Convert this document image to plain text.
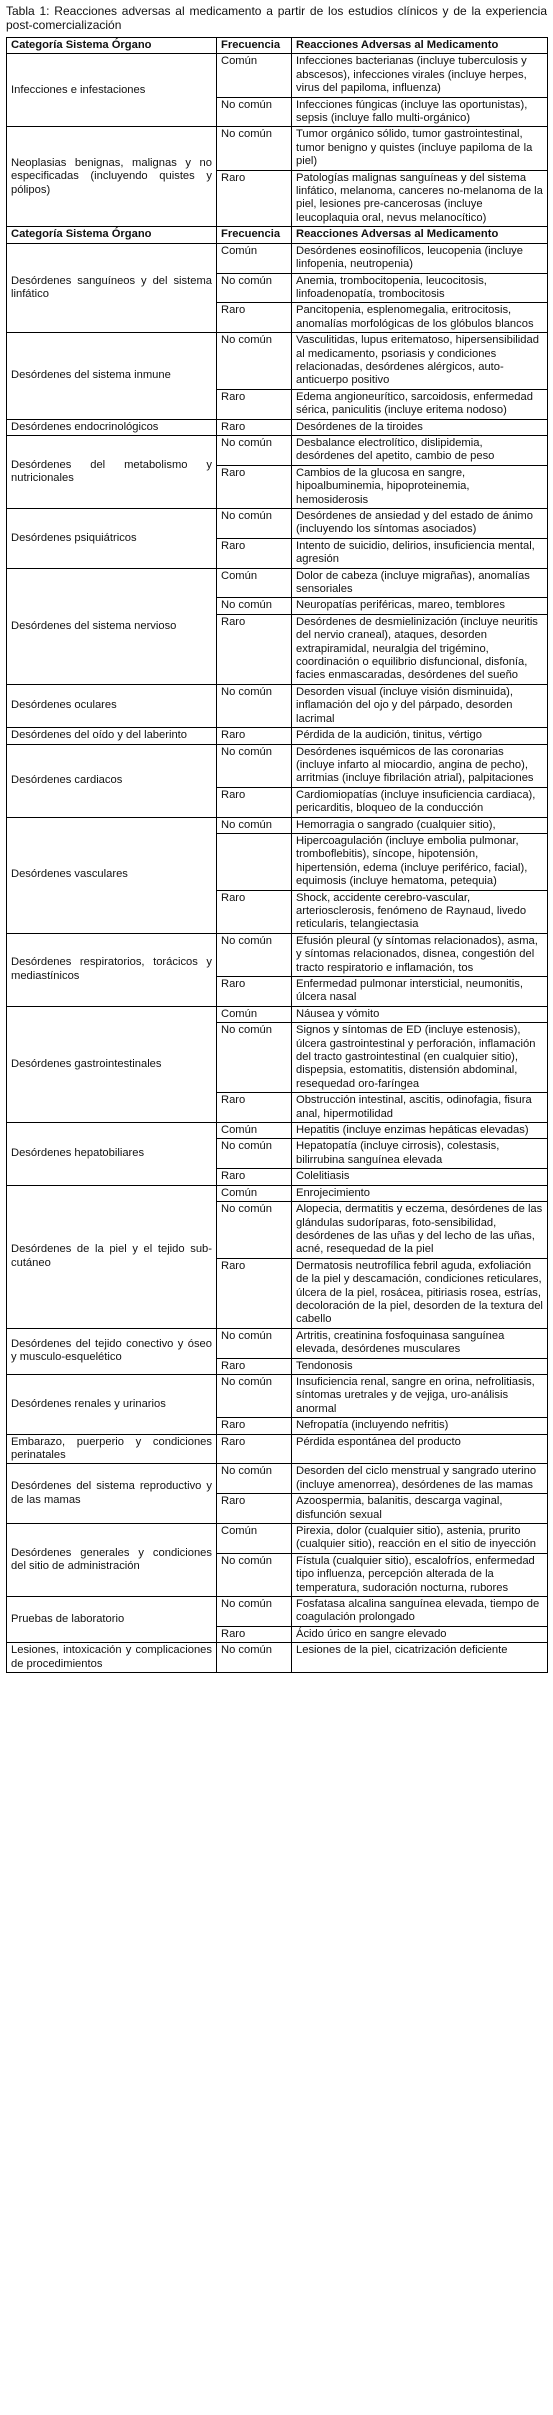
Tabla 1: Reacciones adversas al medicamento a partir de los estudios clínicos y de la experiencia post-comercialización

Categoría Sistema Órgano	Frecuencia	Reacciones Adversas al Medicamento
Infecciones e infestaciones	Común	Infecciones bacterianas (incluye tuberculosis y abscesos), infecciones virales (incluye herpes, virus del papiloma, influenza)
	No común	Infecciones fúngicas (incluye las oportunistas), sepsis (incluye fallo multi-orgánico)
Neoplasias benignas, malignas y no especificadas (incluyendo quistes y pólipos)	No común	Tumor orgánico sólido, tumor gastrointestinal, tumor benigno y quistes (incluye papiloma de la piel)
	Raro	Patologías malignas sanguíneas y del sistema linfático, melanoma, canceres no-melanoma de la piel, lesiones pre-cancerosas (incluye leucoplaquia oral, nevus melanocítico)
Categoría Sistema Órgano	Frecuencia	Reacciones Adversas al Medicamento
Desórdenes sanguíneos y del sistema linfático	Común	Desórdenes eosinofílicos, leucopenia (incluye linfopenia, neutropenia)
	No común	Anemia, trombocitopenia, leucocitosis, linfoadenopatía, trombocitosis
	Raro	Pancitopenia, esplenomegalia, eritrocitosis, anomalías morfológicas de los glóbulos blancos
Desórdenes del sistema inmune	No común	Vasculitidas, lupus eritematoso, hipersensibilidad al medicamento, psoriasis y condiciones relacionadas, desórdenes alérgicos, auto-anticuerpo positivo
	Raro	Edema angioneurítico, sarcoidosis, enfermedad sérica, paniculitis (incluye eritema nodoso)
Desórdenes endocrinológicos	Raro	Desórdenes de la tiroides
Desórdenes del metabolismo y nutricionales	No común	Desbalance electrolítico, dislipidemia, desórdenes del apetito, cambio de peso
	Raro	Cambios de la glucosa en sangre, hipoalbuminemia, hipoproteinemia, hemosiderosis
Desórdenes psiquiátricos	No común	Desórdenes de ansiedad y del estado de ánimo (incluyendo los síntomas asociados)
	Raro	Intento de suicidio, delirios, insuficiencia mental, agresión
Desórdenes del sistema nervioso	Común	Dolor de cabeza (incluye migrañas), anomalías sensoriales
	No común	Neuropatías periféricas, mareo, temblores
	Raro	Desórdenes de desmielinización (incluye neuritis del nervio craneal), ataques, desorden extrapiramidal, neuralgia del trigémino, coordinación o equilibrio disfuncional, disfonía, facies enmascaradas, desórdenes del sueño
Desórdenes oculares	No común	Desorden visual (incluye visión disminuida), inflamación del ojo y del párpado, desorden lacrimal
Desórdenes del oído y del laberinto	Raro	Pérdida de la audición, tinitus, vértigo
Desórdenes cardiacos	No común	Desórdenes isquémicos de las coronarias (incluye infarto al miocardio, angina de pecho), arritmias (incluye fibrilación atrial), palpitaciones
	Raro	Cardiomiopatías (incluye insuficiencia cardiaca), pericarditis, bloqueo de la conducción
Desórdenes vasculares	No común	Hemorragia o sangrado (cualquier sitio),
		Hipercoagulación (incluye embolia pulmonar, tromboflebitis), síncope, hipotensión, hipertensión, edema (incluye periférico, facial), equimosis (incluye hematoma, petequia)
	Raro	Shock, accidente cerebro-vascular, arteriosclerosis, fenómeno de Raynaud, livedo reticularis, telangiectasia
Desórdenes respiratorios, torácicos y mediastínicos	No común	Efusión pleural (y síntomas relacionados), asma, y síntomas relacionados, disnea, congestión del tracto respiratorio e inflamación, tos
	Raro	Enfermedad pulmonar intersticial, neumonitis, úlcera nasal
Desórdenes gastrointestinales	Común	Náusea y vómito
	No común	Signos y síntomas de ED (incluye estenosis), úlcera gastrointestinal y perforación, inflamación del tracto gastrointestinal (en cualquier sitio), dispepsia, estomatitis, distensión abdominal, resequedad oro-faríngea
	Raro	Obstrucción intestinal, ascitis, odinofagia, fisura anal, hipermotilidad
Desórdenes hepatobiliares	Común	Hepatitis (incluye enzimas hepáticas elevadas)
	No común	Hepatopatía (incluye cirrosis), colestasis, bilirrubina sanguínea elevada
	Raro	Colelitiasis
Desórdenes de la piel y el tejido sub-cutáneo	Común	Enrojecimiento
	No común	Alopecia, dermatitis y eczema, desórdenes de las glándulas sudoríparas, foto-sensibilidad, desórdenes de las uñas y del lecho de las uñas, acné, resequedad de la piel
	Raro	Dermatosis neutrofílica febril aguda, exfoliación de la piel y descamación, condiciones reticulares, úlcera de la piel, rosácea, pitiriasis rosea, estrías, decoloración de la piel, desorden de la textura del cabello
Desórdenes del tejido conectivo y óseo y musculo-esquelético	No común	Artritis, creatinina fosfoquinasa sanguínea elevada, desórdenes musculares
	Raro	Tendonosis
Desórdenes renales y urinarios	No común	Insuficiencia renal, sangre en orina, nefrolitiasis, síntomas uretrales y de vejiga, uro-análisis anormal
	Raro	Nefropatía (incluyendo nefritis)
Embarazo, puerperio y condiciones perinatales	Raro	Pérdida espontánea del producto
Desórdenes del sistema reproductivo y de las mamas	No común	Desorden del ciclo menstrual y sangrado uterino (incluye amenorrea), desórdenes de las mamas
	Raro	Azoospermia, balanitis, descarga vaginal, disfunción sexual
Desórdenes generales y condiciones del sitio de administración	Común	Pirexia, dolor (cualquier sitio), astenia, prurito (cualquier sitio), reacción en el sitio de inyección
	No común	Fístula (cualquier sitio), escalofríos, enfermedad tipo influenza, percepción alterada de la temperatura, sudoración nocturna, rubores
Pruebas de laboratorio	No común	Fosfatasa alcalina sanguínea elevada, tiempo de coagulación prolongado
	Raro	Ácido úrico en sangre elevado
Lesiones, intoxicación y complicaciones de procedimientos	No común	Lesiones de la piel, cicatrización deficiente
